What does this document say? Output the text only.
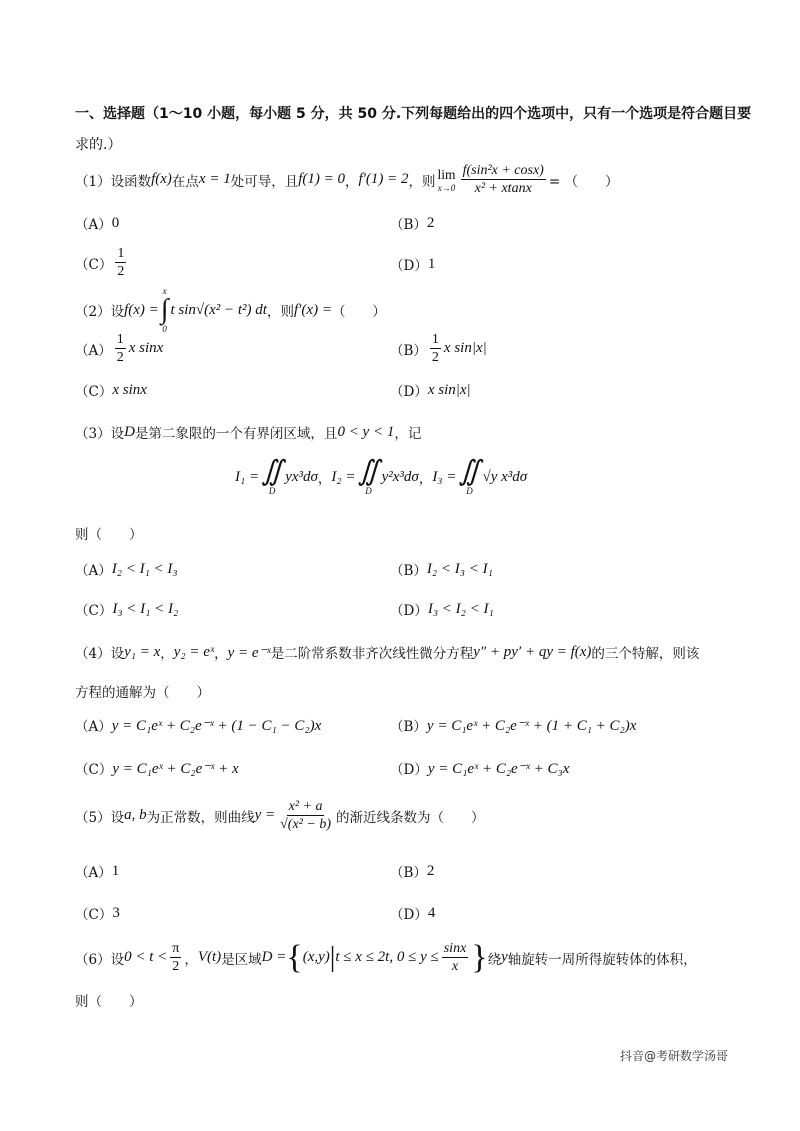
一、选择题（1～10 小题，每小题 5 分，共 50 分.下列每题给出的四个选项中，只有一个选项是符合题目要
求的.）
（1）设函数 f(x) 在点 x = 1 处可导，且 f(1) = 0 ， f′(1) = 2 ，则 lim
$x\to 0 \frac{\text{f(sin²x + cosx)}}{\text{x² + xtanx}}$ = （　　）
（A） 0	（B） 2
$(C) \frac{1}{2}$	（D） 1
（2）设 f(x) =
x
∫
0
t sin√(x² − t²) dt ，则 f′(x) = （　　）
$(A) \frac{1}{2}$ x sinx	$(B) \frac{1}{2}$ x sin|x|
（C） x sinx	（D） x sin|x|
（3）设 D 是第二象限的一个有界闭区域，且 0 < y < 1 ，记
I₁ = ∬
D
yx³dσ ， I₂ = ∬
D
y²x³dσ ， I₃ = ∬
D
√y x³dσ
则（　　）
（A） I₂ < I₁ < I₃	（B） I₂ < I₃ < I₁
（C） I₃ < I₁ < I₂	（D） I₃ < I₂ < I₁
（4）设 y₁ = x ， y₂ = eˣ ， y = e⁻ˣ 是二阶常系数非齐次线性微分方程 y″ + py′ + qy = f(x) 的三个特解，则该
方程的通解为（　　）
（A） y = C₁eˣ + C₂e⁻ˣ + (1 − C₁ − C₂)x	（B） y = C₁eˣ + C₂e⁻ˣ + (1 + C₁ + C₂)x
（C） y = C₁eˣ + C₂e⁻ˣ + x	（D） y = C₁eˣ + C₂e⁻ˣ + C₃x
（5）设 a, b 为正常数，则曲线 $y = \frac{\text{x² + a}}{\text{√(x² − b)}}$ 的渐近线条数为（　　）
（A） 1	（B） 2
（C） 3	（D） 4
（6）设 $0 < t < \frac{\pi}{2}$ ， V(t) 是区域 D = { (x,y) | t ≤ x ≤ 2t, $0 \le y \le \frac{\sin x}{x}$ } 绕 y 轴旋转一周所得旋转体的体积，
则（　　）
抖音@考研数学汤哥
